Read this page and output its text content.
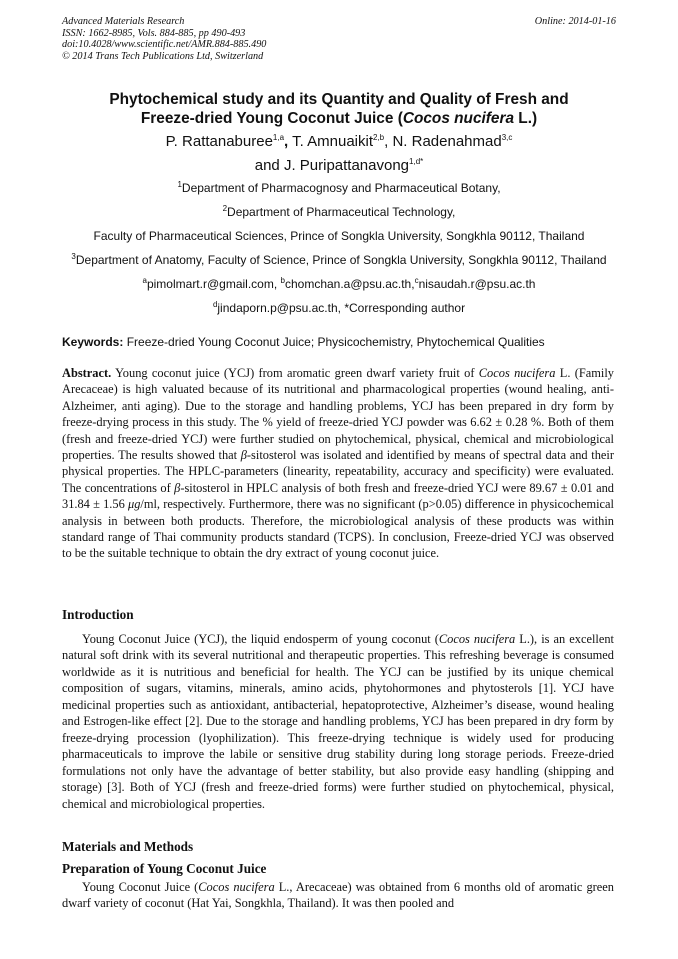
Advanced Materials Research
ISSN: 1662-8985, Vols. 884-885, pp 490-493
doi:10.4028/www.scientific.net/AMR.884-885.490
© 2014 Trans Tech Publications Ltd, Switzerland
Online: 2014-01-16
Phytochemical study and its Quantity and Quality of Fresh and
Freeze-dried Young Coconut Juice (Cocos nucifera L.)
P. Rattanaburee$^{1,a}$, T. Amnuaikit$^{2,b}$, N. Radenahmad$^{3,c}$
and J. Puripattanavong$^{1,d*}$

$^1$Department of Pharmacognosy and Pharmaceutical Botany,

$^2$Department of Pharmaceutical Technology,

Faculty of Pharmaceutical Sciences, Prince of Songkla University, Songkhla 90112, Thailand

$^3$Department of Anatomy, Faculty of Science, Prince of Songkla University, Songkhla 90112, Thailand

$^a$pimolmart.r@gmail.com, $^b$chomchan.a@psu.ac.th,$^c$nisaudah.r@psu.ac.th

$^d$jindaporn.p@psu.ac.th, *Corresponding author

Keywords: Freeze-dried Young Coconut Juice; Physicochemistry, Phytochemical Qualities

Abstract. Young coconut juice (YCJ) from aromatic green dwarf variety fruit of Cocos nucifera L. (Family Arecaceae) is high valuated because of its nutritional and pharmacological properties (wound healing, anti-Alzheimer, anti aging). Due to the storage and handling problems, YCJ has been prepared in dry form by freeze-drying process in this study. The % yield of freeze-dried YCJ powder was 6.62 ± 0.28 %. Both of them (fresh and freeze-dried YCJ) were further studied on phytochemical, physical, chemical and microbiological properties. The results showed that β-sitosterol was isolated and identified by means of spectral data and their physical properties. The HPLC-parameters (linearity, repeatability, accuracy and specificity) were evaluated. The concentrations of β-sitosterol in HPLC analysis of both fresh and freeze-dried YCJ were 89.67 ± 0.01 and 31.84 ± 1.56 μg/ml, respectively. Furthermore, there was no significant (p>0.05) difference in physicochemical analysis in between both products. Therefore, the microbiological analysis of these products was within standard range of Thai community products standard (TCPS). In conclusion, Freeze-dried YCJ was observed to be the suitable technique to obtain the dry extract of young coconut juice.

Introduction

Young Coconut Juice (YCJ), the liquid endosperm of young coconut (Cocos nucifera L.), is an excellent natural soft drink with its several nutritional and therapeutic properties. This refreshing beverage is consumed worldwide as it is nutritious and beneficial for health. The YCJ can be justified by its unique chemical composition of sugars, vitamins, minerals, amino acids, phytohormones and phytosterols [1]. YCJ have medicinal properties such as antioxidant, antibacterial, hepatoprotective, Alzheimer’s disease, wound healing and Estrogen-like effect [2]. Due to the storage and handling problems, YCJ has been prepared in dry form by freeze-drying procession (lyophilization). This freeze-drying technique is widely used for producing pharmaceuticals to improve the labile or sensitive drug stability during long storage periods. Freeze-dried formulations not only have the advantage of better stability, but also provide easy handling (shipping and storage) [3]. Both of YCJ (fresh and freeze-dried forms) were further studied on phytochemical, physical, chemical and microbiological properties.

Materials and Methods
Preparation of Young Coconut Juice

Young Coconut Juice (Cocos nucifera L., Arecaceae) was obtained from 6 months old of aromatic green dwarf variety of coconut (Hat Yai, Songkhla, Thailand). It was then pooled and
